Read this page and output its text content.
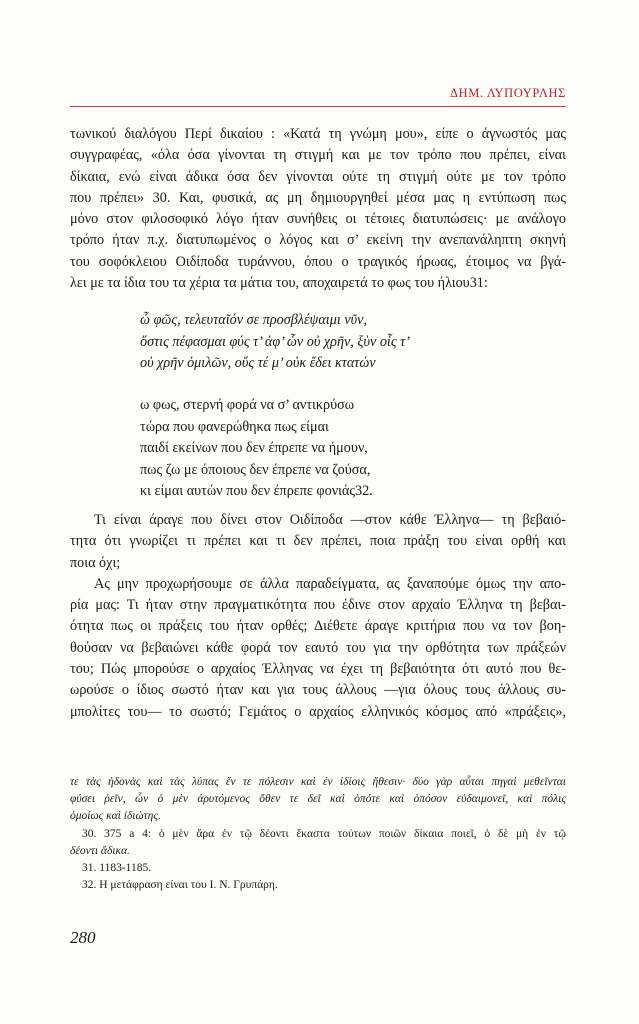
ΔΗΜ. ΛΥΠΟΥΡΛΗΣ
τωνικού διαλόγου Περί δικαίου : «Κατά τη γνώμη μου», είπε ο άγνωστός μας
συγγραφέας, «όλα όσα γίνονται τη στιγμή και με τον τρόπο που πρέπει, είναι
δίκαια, ενώ είναι άδικα όσα δεν γίνονται ούτε τη στιγμή ούτε με τον τρόπο
που πρέπει» 30. Και, φυσικά, ας μη δημιουργηθεί μέσα μας η εντύπωση πως
μόνο στον φιλοσοφικό λόγο ήταν συνήθεις οι τέτοιες διατυπώσεις· με ανάλογο
τρόπο ήταν π.χ. διατυπωμένος ο λόγος και σ’ εκείνη την ανεπανάληπτη σκηνή
του σοφόκλειου Οιδίποδα τυράννου, όπου ο τραγικός ήρωας, έτοιμος να βγά-
λει με τα ίδια του τα χέρια τα μάτια του, αποχαιρετά το φως του ήλιου31:
ὦ φῶς, τελευταῖόν σε προσβλέψαιμι νῦν,
ὅστις πέφασμαι φύς τ’ ἀφ’ ὧν οὐ χρῆν, ξὺν οἷς τ’
οὐ χρῆν ὁμιλῶν, οὕς τέ μ’ οὐκ ἔδει κτατών
ω φως, στερνή φορά να σ’ αντικρύσω
τώρα που φανερώθηκα πως είμαι
παιδί εκείνων που δεν έπρεπε να ήμουν,
πως ζω με όποιους δεν έπρεπε να ζούσα,
κι είμαι αυτών που δεν έπρεπε φονιάς32.
Τι είναι άραγε που δίνει στον Οιδίποδα —στον κάθε Έλληνα— τη βεβαιό-
τητα ότι γνωρίζει τι πρέπει και τι δεν πρέπει, ποια πράξη του είναι ορθή και
ποια όχι;
Ας μην προχωρήσουμε σε άλλα παραδείγματα, ας ξαναπούμε όμως την απο-
ρία μας: Τι ήταν στην πραγματικότητα που έδινε στον αρχαίο Έλληνα τη βεβαι-
ότητα πως οι πράξεις του ήταν ορθές; Διέθετε άραγε κριτήρια που να τον βοη-
θούσαν να βεβαιώνει κάθε φορά τον εαυτό του για την ορθότητα των πράξεών
του; Πώς μπορούσε ο αρχαίος Έλληνας να έχει τη βεβαιότητα ότι αυτό που θε-
ωρούσε ο ίδιος σωστό ήταν και για τους άλλους —για όλους τους άλλους συ-
μπολίτες του— το σωστό; Γεμάτος ο αρχαίος ελληνικός κόσμος από «πράξεις»,
τε τὰς ἡδονὰς καὶ τὰς λύπας ἔν τε πόλεσιν καὶ ἐν ἰδίοις ἤθεσιν· δύο γὰρ αὗται πηγαὶ μεθεῖνται
φύσει ῥεῖν, ὧν ὁ μὲν ἀρυτόμενος ὅθεν τε δεῖ καὶ ὁπότε καὶ ὁπόσον εὐδαιμονεῖ, καὶ πόλις
ὁμοίως καὶ ἰδιώτης.
30. 375 a 4: ὁ μὲν ἄρα ἐν τῷ δέοντι ἕκαστα τούτων ποιῶν δίκαια ποιεῖ, ὁ δὲ μὴ ἐν τῷ
δέοντι ἄδικα.
31. 1183-1185.
32. Η μετάφραση είναι του Ι. Ν. Γρυπάρη.
280
